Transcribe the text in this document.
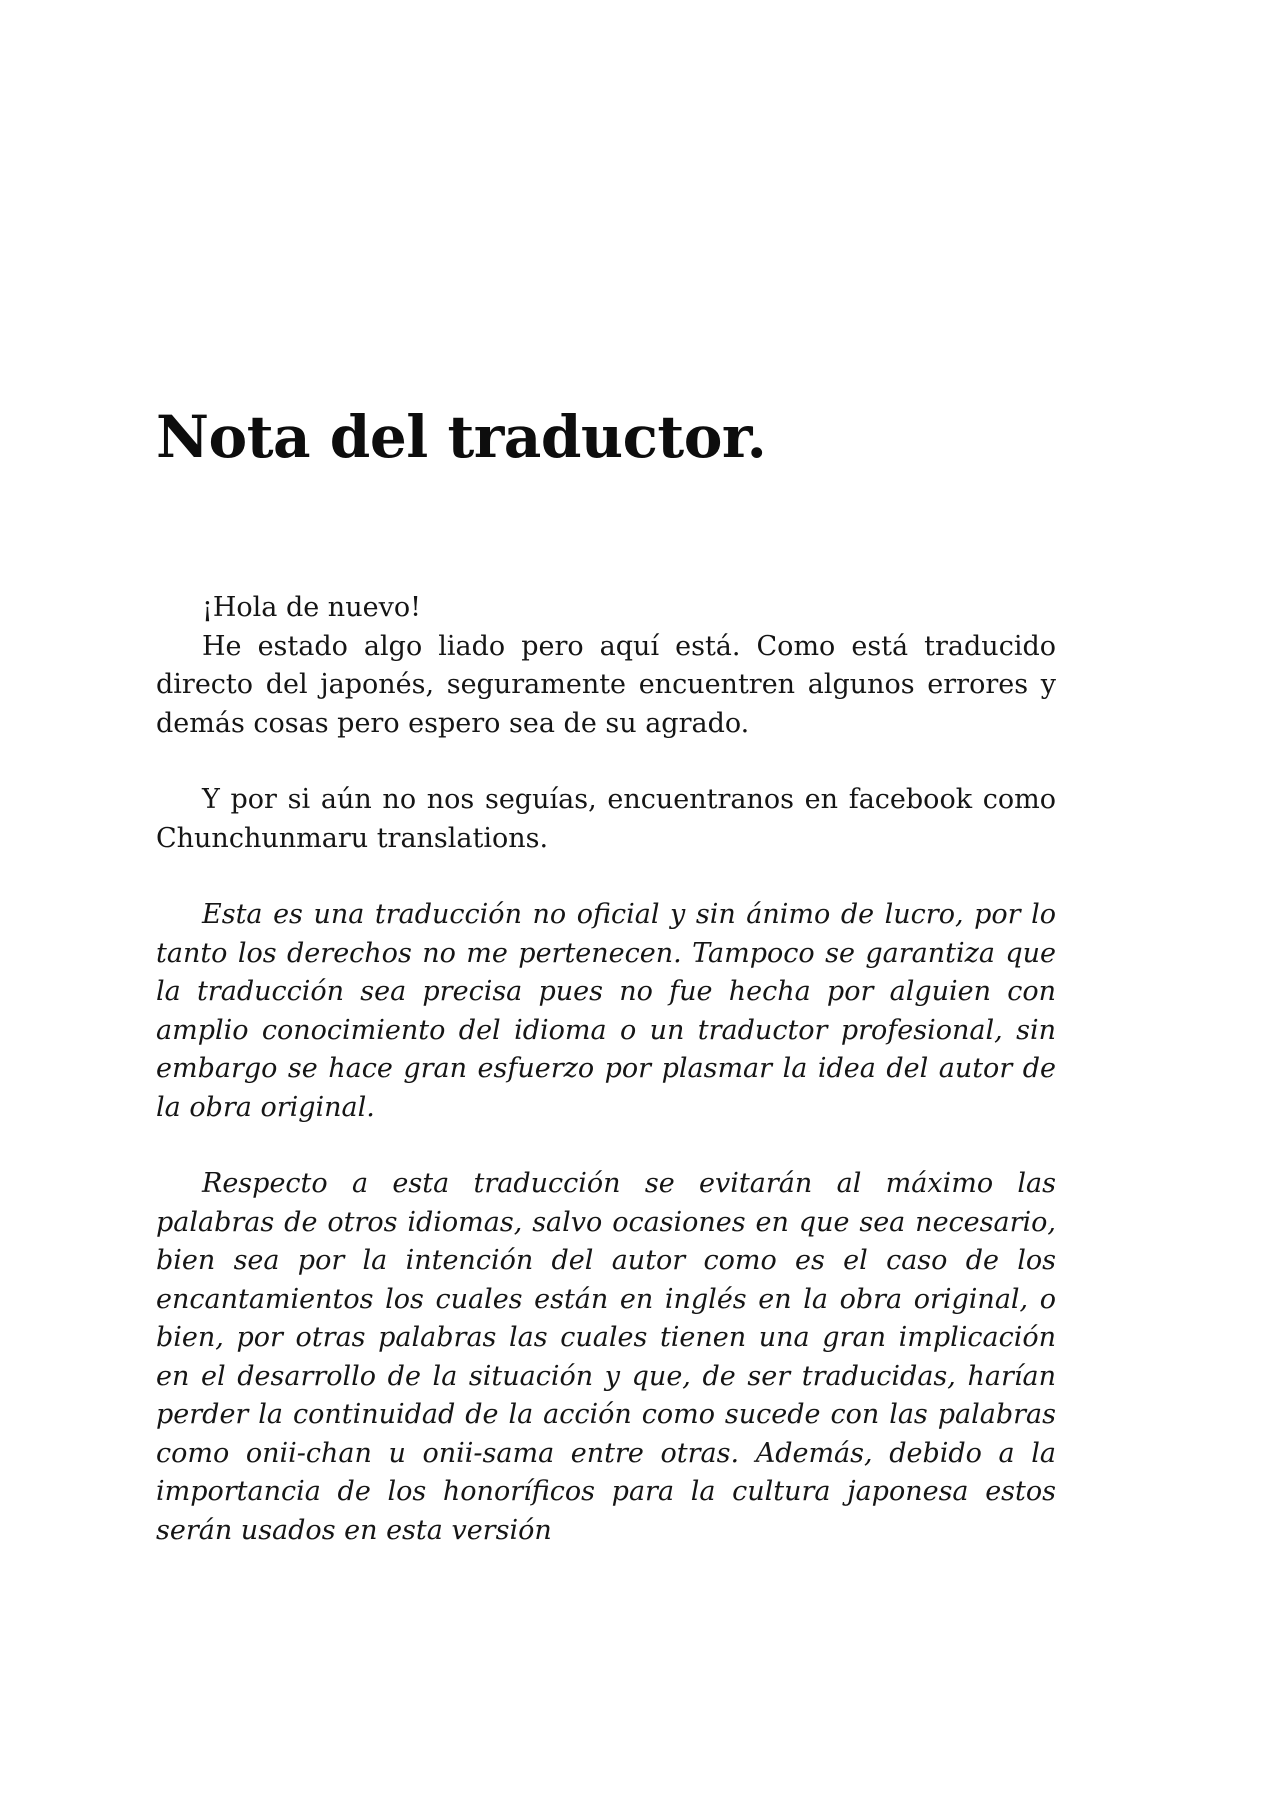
Nota del traductor.

¡Hola de nuevo!

He estado algo liado pero aquí está. Como está traducido directo del japonés, seguramente encuentren algunos errores y demás cosas pero espero sea de su agrado.

Y por si aún no nos seguías, encuentranos en facebook como Chunchunmaru translations.

Esta es una traducción no oficial y sin ánimo de lucro, por lo tanto los derechos no me pertenecen. Tampoco se garantiza que la traducción sea precisa pues no fue hecha por alguien con amplio conocimiento del idioma o un traductor profesional, sin embargo se hace gran esfuerzo por plasmar la idea del autor de la obra original.

Respecto a esta traducción se evitarán al máximo las palabras de otros idiomas, salvo ocasiones en que sea necesario, bien sea por la intención del autor como es el caso de los encantamientos los cuales están en inglés en la obra original, o bien, por otras palabras las cuales tienen una gran implicación en el desarrollo de la situación y que, de ser traducidas, harían perder la continuidad de la acción como sucede con las palabras como onii-chan u onii-sama entre otras. Además, debido a la importancia de los honoríficos para la cultura japonesa estos serán usados en esta versión
